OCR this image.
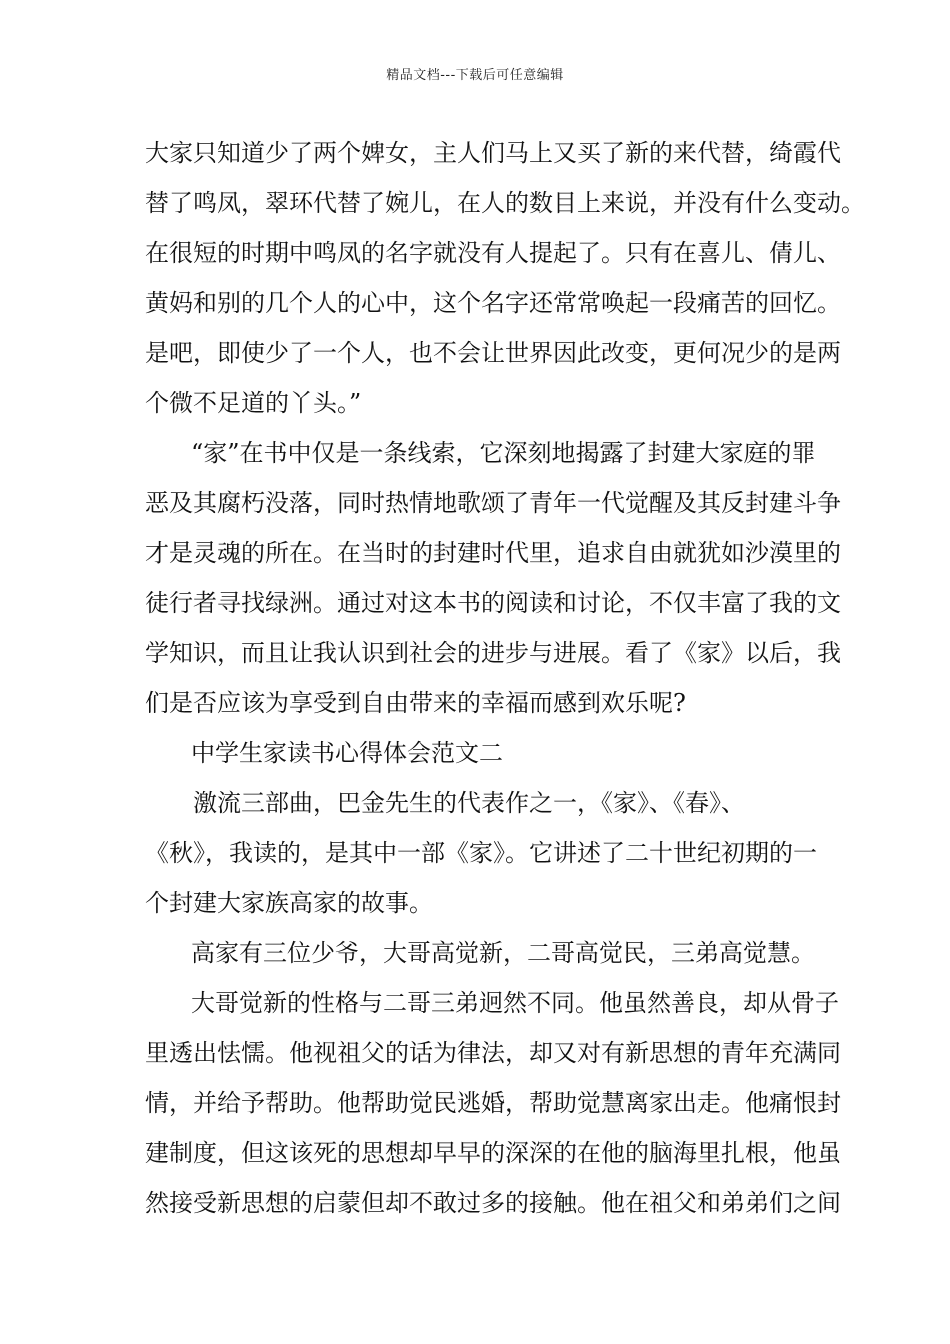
精品文档---下载后可任意编辑
大家只知道少了两个婢女，主人们马上又买了新的来代替，绮霞代
替了鸣凤，翠环代替了婉儿，在人的数目上来说，并没有什么变动。
在很短的时期中鸣凤的名字就没有人提起了。只有在喜儿、倩儿、
黄妈和别的几个人的心中，这个名字还常常唤起一段痛苦的回忆。
是吧，即使少了一个人，也不会让世界因此改变，更何况少的是两
个微不足道的丫头。”
“家”在书中仅是一条线索，它深刻地揭露了封建大家庭的罪
恶及其腐朽没落，同时热情地歌颂了青年一代觉醒及其反封建斗争
才是灵魂的所在。在当时的封建时代里，追求自由就犹如沙漠里的
徒行者寻找绿洲。通过对这本书的阅读和讨论，不仅丰富了我的文
学知识，而且让我认识到社会的进步与进展。看了《家》以后，我
们是否应该为享受到自由带来的幸福而感到欢乐呢?
中学生家读书心得体会范文二
激流三部曲，巴金先生的代表作之一，《家》、《春》、
《秋》，我读的，是其中一部《家》。它讲述了二十世纪初期的一
个封建大家族高家的故事。
高家有三位少爷，大哥高觉新，二哥高觉民，三弟高觉慧。
大哥觉新的性格与二哥三弟迥然不同。他虽然善良，却从骨子
里透出怯懦。他视祖父的话为律法，却又对有新思想的青年充满同
情，并给予帮助。他帮助觉民逃婚，帮助觉慧离家出走。他痛恨封
建制度，但这该死的思想却早早的深深的在他的脑海里扎根，他虽
然接受新思想的启蒙但却不敢过多的接触。他在祖父和弟弟们之间
